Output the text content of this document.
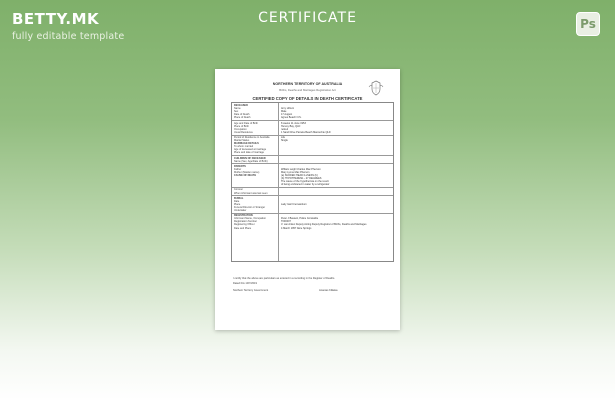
BETTY.MK
fully editable template
CERTIFICATE	Ps
NORTHERN TERRITORY OF AUSTRALIA
Births, Deaths and Marriages Registration Act
CERTIFIED COPY OF DETAILS IN DEATH CERTIFICATE
DECEASED
Name	Amy Lilburn
Sex	Male
Date of Death	17 August
Place of Death	Agnes Beach N.S.
Age and Date of Birth	8 weeks 11 June 1953
Place of Birth	Hervey Bay, QLD
Occupation	retired
Usual Residence	1 Sand Drive Pamela Beach Marouchie QLD
Period of Residence in Australia	Life
Marital Status	Single
MARRIAGE DETAILS
To whom married
Age of deceased at marriage
Place and date of marriage
CHILDREN OF DECEASED
Name (Sex, Age/Date of Birth)
PARENTS
Father	William Leigh Charles Mac Pherson
Mother (Maiden name)	Mary Lynne Mac Pherson
CAUSE OF DEATH	(a) SUDDEN HEAD ILLNESS (b)
(b) HYPOTHERMIA – 27 DEGREES
The cause of the hypothermia on the result
of being embraced in water by a refrigerator
Coroner
When informant was last seen
BURIAL
Date
Place	Lady Gail Crematorium
Funeral Director or Stranger
Undertaker
REGISTRATION
Informant Name, Occupation	Peter J Bassett, Police Constable
Registration Number	T000007
Registering Officer	V. van Arden Deputy Acting Deputy Registrar of Births, Deaths and Marriages
Date and Place	4 March 1957 Alice Springs
I certify that the above are particulars as entered in a recording in the Register of Deaths.
Dated this 10/7/2019
Northern Territory Government	Ananias Killalea
